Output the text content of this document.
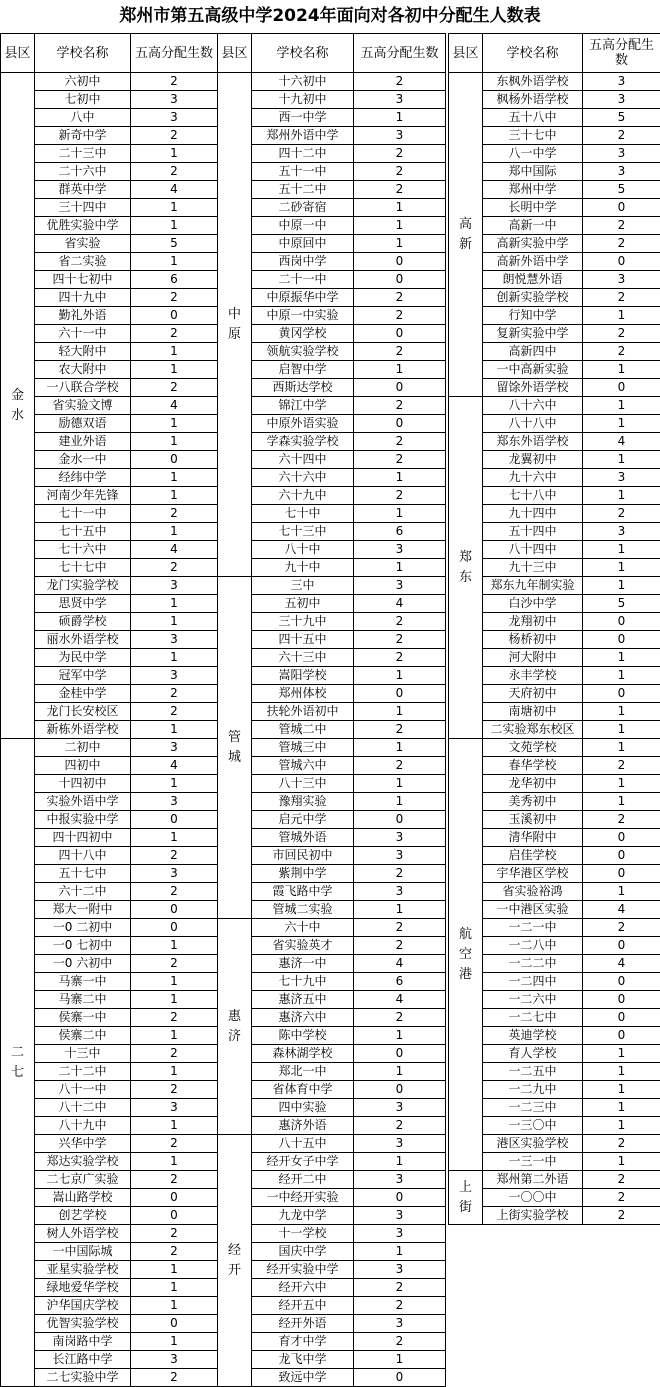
郑州市第五高级中学2024年面向对各初中分配生人数表
县区	学校名称	五高分配生数
金水	六初中	2
	七初中	3
	八中	3
	新奇中学	2
	二十三中	1
	二十六中	2
	群英中学	4
	三十四中	1
	优胜实验中学	1
	省实验	5
	省二实验	1
	四十七初中	6
	四十九中	2
	勤礼外语	0
	六十一中	2
	轻大附中	1
	农大附中	1
	一八联合学校	2
	省实验文博	4
	励德双语	1
	建业外语	1
	金水一中	0
	经纬中学	1
	河南少年先锋	1
	七十一中	2
	七十五中	1
	七十六中	4
	七十七中	2
	龙门实验学校	3
	思贤中学	1
	硕爵学校	1
	丽水外语学校	3
	为民中学	1
	冠军中学	3
	金桂中学	2
	龙门长安校区	2
	新栋外语学校	1
二七	二初中	3
	四初中	4
	十四初中	1
	实验外语中学	3
	中报实验中学	0
	四十四初中	1
	四十八中	2
	五十七中	3
	六十二中	2
	郑大一附中	0
	一0 二初中	0
	一0 七初中	1
	一0 六初中	2
	马寨一中	1
	马寨二中	1
	侯寨一中	2
	侯寨二中	1
	十三中	2
	二十二中	1
	八十一中	2
	八十二中	3
	八十九中	1
	兴华中学	2
	郑达实验学校	1
	二七京广实验	2
	嵩山路学校	0
	创艺学校	0
	树人外语学校	2
	一中国际城	2
	亚星实验学校	1
	绿地爱华学校	1
	沪华国庆学校	1
	优智实验学校	0
	南岗路中学	1
	长江路中学	3
	二七实验中学	2
县区	学校名称	五高分配生数
中原	十六初中	2
	十九初中	3
	西一中学	1
	郑州外语中学	3
	四十二中	2
	五十一中	2
	五十二中	2
	二砂寄宿	1
	中原一中	1
	中原回中	1
	西岗中学	0
	二十一中	0
	中原振华中学	2
	中原一中实验	2
	黄冈学校	0
	领航实验学校	2
	启智中学	1
	西斯达学校	0
	锦江中学	2
	中原外语实验	0
	学森实验学校	2
	六十四中	2
	六十六中	1
	六十九中	2
	七十中	1
	七十三中	6
	八十中	3
	九十中	1
管城	三中	3
	五初中	4
	三十九中	2
	四十五中	2
	六十三中	2
	嵩阳学校	1
	郑州体校	0
	扶轮外语初中	1
	管城二中	2
	管城三中	1
	管城六中	2
	八十三中	1
	豫翔实验	1
	启元中学	0
	管城外语	3
	市回民初中	3
	紫荆中学	2
	霞飞路中学	3
	管城二实验	1
惠济	六十中	2
	省实验英才	2
	惠济一中	4
	七十九中	6
	惠济五中	4
	惠济六中	2
	陈中学校	1
	森林湖学校	0
	郑北一中	1
	省体育中学	0
	四中实验	3
	惠济外语	2
经开	八十五中	3
	经开女子中学	1
	经开二中	3
	一中经开实验	0
	九龙中学	3
	十一学校	3
	国庆中学	1
	经开实验中学	3
	经开六中	2
	经开五中	2
	经开外语	3
	育才中学	2
	龙飞中学	1
	致远中学	0
县区	学校名称	五高分配生数
高新	东枫外语学校	3
	枫杨外语学校	3
	五十八中	5
	三十七中	2
	八一中学	3
	郑中国际	3
	郑州中学	5
	长明中学	0
	高新一中	2
	高新实验中学	2
	高新外语中学	0
	朗悦慧外语	3
	创新实验学校	2
	行知中学	1
	复新实验中学	2
	高新四中	2
	一中高新实验	1
	留馀外语学校	0
郑东	八十六中	1
	八十八中	1
	郑东外语学校	4
	龙翼初中	1
	九十六中	3
	七十八中	1
	九十四中	2
	五十四中	3
	八十四中	1
	九十三中	1
	郑东九年制实验	1
	白沙中学	5
	龙翔初中	0
	杨桥初中	0
	河大附中	1
	永丰学校	1
	天府初中	0
	南塘初中	1
	二实验郑东校区	1
航空港	文苑学校	1
	春华学校	2
	龙华初中	1
	美秀初中	1
	玉溪初中	2
	清华附中	0
	启佳学校	0
	宇华港区学校	0
	省实验裕鸿	1
	一中港区实验	4
	一二一中	2
	一二八中	0
	一二二中	4
	一二四中	0
	一二六中	0
	一二七中	0
	英迪学校	0
	育人学校	1
	一二五中	1
	一二九中	1
	一二三中	1
	一三〇中	1
	港区实验学校	2
	一三一中	1
上街	郑州第二外语	2
	一〇〇中	2
	上街实验学校	2
